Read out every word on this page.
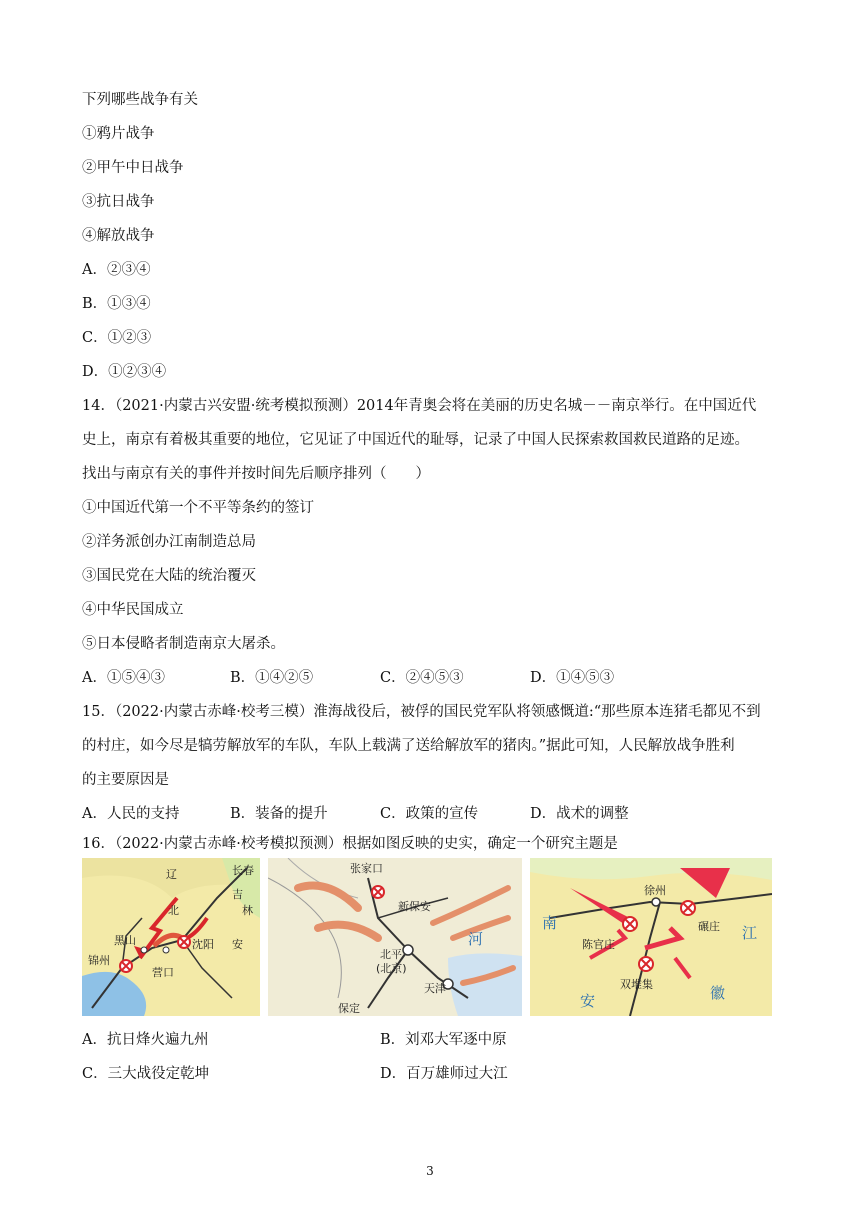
下列哪些战争有关
①鸦片战争
②甲午中日战争
③抗日战争
④解放战争
A．②③④
B．①③④
C．①②③
D．①②③④
14．（2021·内蒙古兴安盟·统考模拟预测）2014年青奥会将在美丽的历史名城－－南京举行。在中国近代
史上，南京有着极其重要的地位，它见证了中国近代的耻辱，记录了中国人民探索救国救民道路的足迹。
找出与南京有关的事件并按时间先后顺序排列（　　）
①中国近代第一个不平等条约的签订
②洋务派创办江南制造总局
③国民党在大陆的统治覆灭
④中华民国成立
⑤日本侵略者制造南京大屠杀。
A．①⑤④③	B．①④②⑤	C．②④⑤③	D．①④⑤③
15．（2022·内蒙古赤峰·校考三模）淮海战役后，被俘的国民党军队将领感慨道:“那些原本连猪毛都见不到
的村庄，如今尽是犒劳解放军的车队，车队上载满了送给解放军的猪肉。”据此可知，人民解放战争胜利
的主要原因是
A．人民的支持	B．装备的提升	C．政策的宣传	D．战术的调整
16．（2022·内蒙古赤峰·校考模拟预测）根据如图反映的史实，确定一个研究主题是
长春
黑山	沈阳
锦州
营口
辽
北
吉
林
安
张家口
新保安
北平
(北京)
天津
保定
河
徐州
陈官庄
碾庄
双堆集
南
江
安	徽
A．抗日烽火遍九州	B．刘邓大军逐中原
C．三大战役定乾坤	D．百万雄师过大江
3
